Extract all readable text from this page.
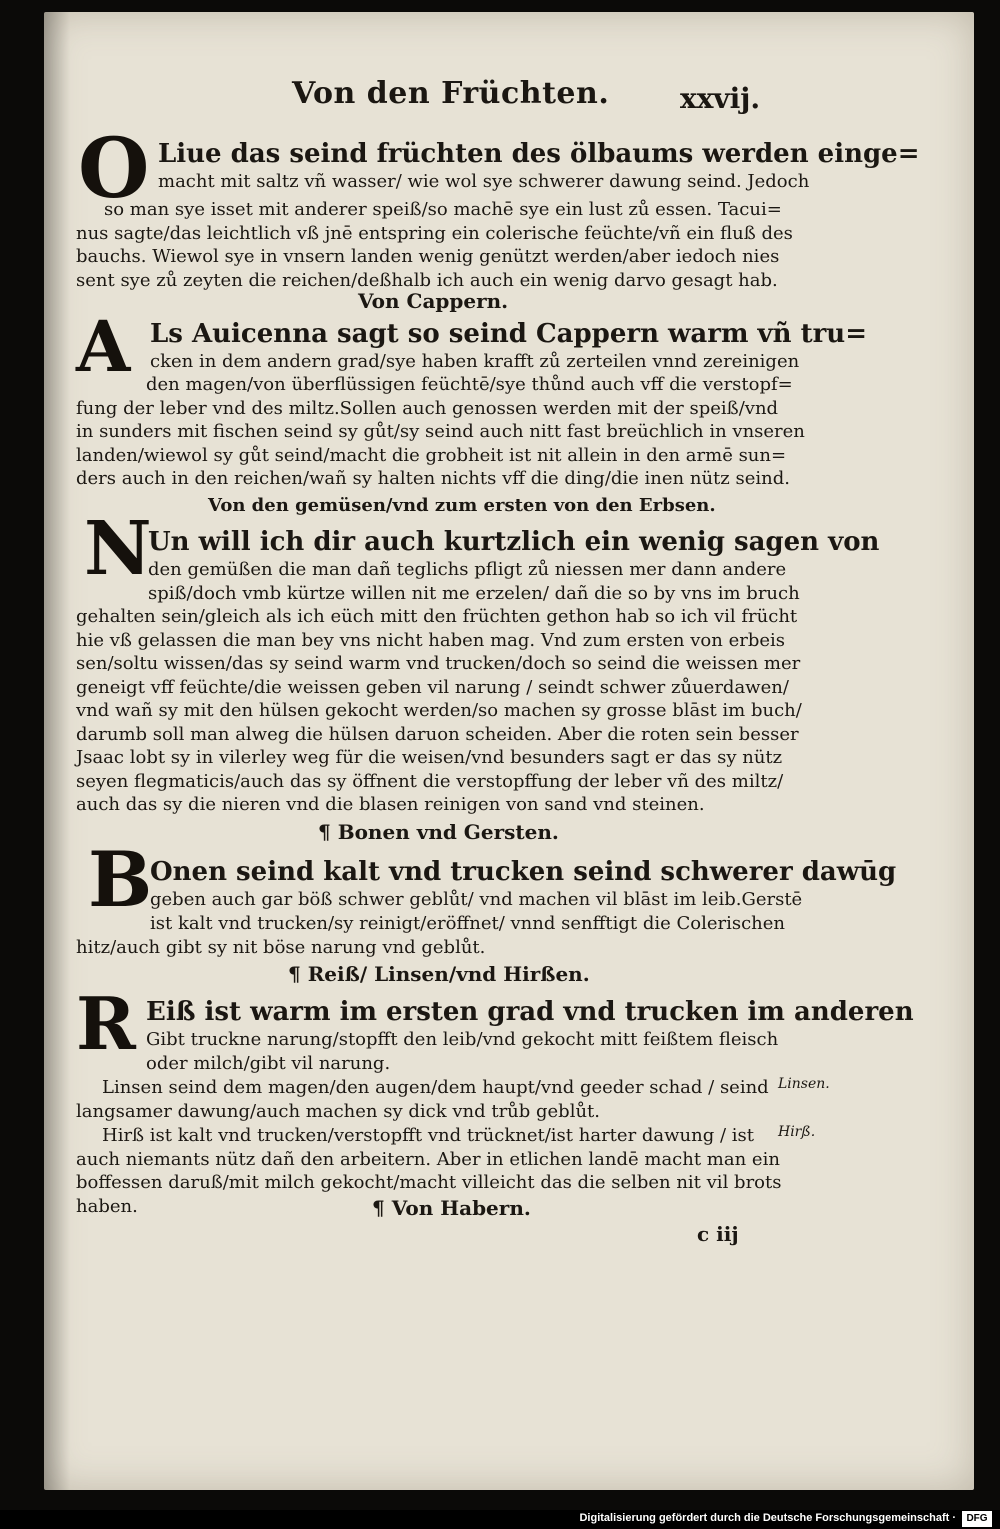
Von den Früchten.	xxvij.
O Liue das seind früchten des ölbaums werden einge=
macht mit saltz vñ wasser/ wie wol sye schwerer dawung seind. Jedoch
so man sye isset mit anderer speiß/so machē sye ein lust zů essen. Tacui=
nus sagte/das leichtlich vß jnē entspring ein colerische feüchte/vñ ein fluß des
bauchs. Wiewol sye in vnsern landen wenig genützt werden/aber iedoch nies
sent sye zů zeyten die reichen/deßhalb ich auch ein wenig darvo gesagt hab.
Von Cappern.
A Ls Auicenna sagt so seind Cappern warm vñ tru=
cken in dem andern grad/sye haben krafft zů zerteilen vnnd zereinigen
den magen/von überflüssigen feüchtē/sye thůnd auch vff die verstopf=
fung der leber vnd des miltz.Sollen auch genossen werden mit der speiß/vnd
in sunders mit fischen seind sy gůt/sy seind auch nitt fast breüchlich in vnseren
landen/wiewol sy gůt seind/macht die grobheit ist nit allein in den armē sun=
ders auch in den reichen/wañ sy halten nichts vff die ding/die inen nütz seind.
Von den gemüsen/vnd zum ersten von den Erbsen.
N
Un will ich dir auch kurtzlich ein wenig sagen von
den gemüßen die man dañ teglichs pfligt zů niessen mer dann andere
spiß/doch vmb kürtze willen nit me erzelen/ dañ die so by vns im bruch
gehalten sein/gleich als ich eüch mitt den früchten gethon hab so ich vil frücht
hie vß gelassen die man bey vns nicht haben mag. Vnd zum ersten von erbeis
sen/soltu wissen/das sy seind warm vnd trucken/doch so seind die weissen mer
geneigt vff feüchte/die weissen geben vil narung / seindt schwer zůuerdawen/
vnd wañ sy mit den hülsen gekocht werden/so machen sy grosse blāst im buch/
darumb soll man alweg die hülsen daruon scheiden. Aber die roten sein besser
Jsaac lobt sy in vilerley weg für die weisen/vnd besunders sagt er das sy nütz
seyen flegmaticis/auch das sy öffnent die verstopffung der leber vñ des miltz/
auch das sy die nieren vnd die blasen reinigen von sand vnd steinen.
¶ Bonen vnd Gersten.
B
Onen seind kalt vnd trucken seind schwerer dawūg
geben auch gar böß schwer geblůt/ vnd machen vil blāst im leib.Gerstē
ist kalt vnd trucken/sy reinigt/eröffnet/ vnnd senfftigt die Colerischen
hitz/auch gibt sy nit böse narung vnd geblůt.
¶ Reiß/ Linsen/vnd Hirßen.
R Eiß ist warm im ersten grad vnd trucken im anderen
Gibt truckne narung/stopfft den leib/vnd gekocht mitt feißtem fleisch
oder milch/gibt vil narung.
Linsen seind dem magen/den augen/dem haupt/vnd geeder schad / seind
langsamer dawung/auch machen sy dick vnd trůb geblůt.
Hirß ist kalt vnd trucken/verstopfft vnd trücknet/ist harter dawung / ist
auch niemants nütz dañ den arbeitern. Aber in etlichen landē macht man ein
boffessen daruß/mit milch gekocht/macht villeicht das die selben nit vil brots
haben.
Linsen.
Hirß.
¶ Von Habern.
c iij
Digitalisierung gefördert durch die Deutsche Forschungsgemeinschaft ·	DFG
